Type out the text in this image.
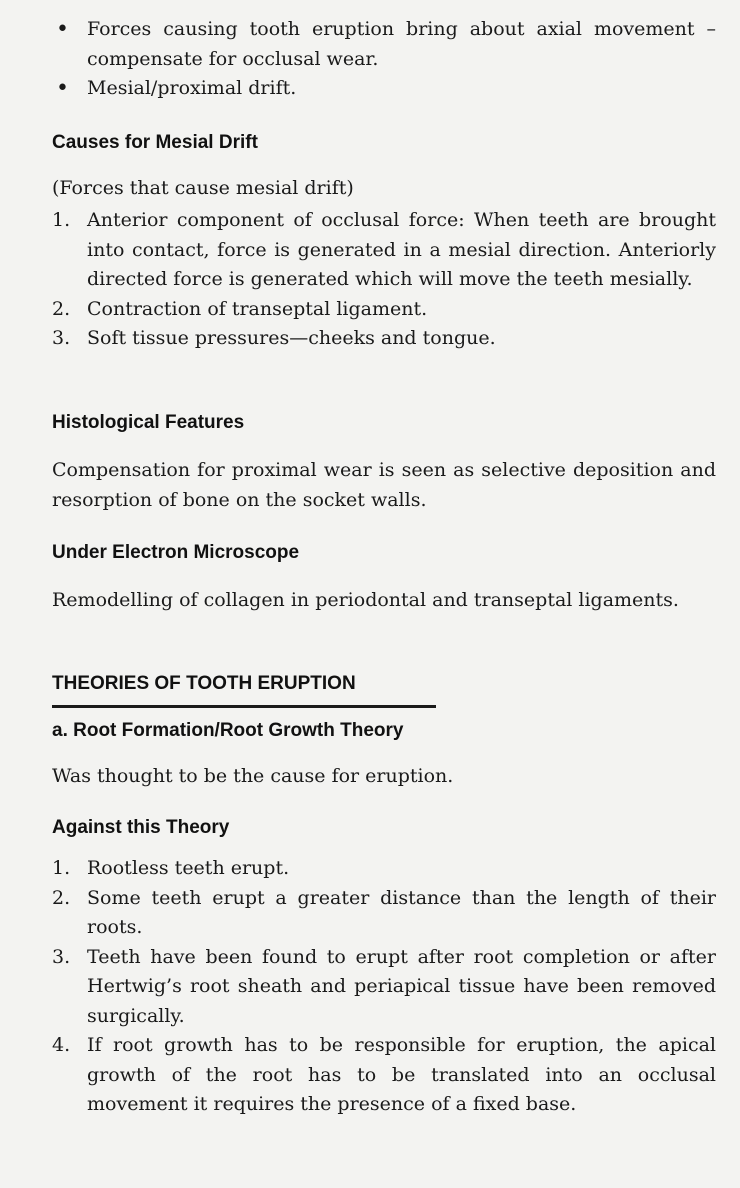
• Forces causing tooth eruption bring about axial movement – compensate for occlusal wear.
• Mesial/proximal drift.
Causes for Mesial Drift
(Forces that cause mesial drift)
1. Anterior component of occlusal force: When teeth are brought into contact, force is generated in a mesial direction. Anteriorly directed force is generated which will move the teeth mesially.
2. Contraction of transeptal ligament.
3. Soft tissue pressures—cheeks and tongue.
Histological Features
Compensation for proximal wear is seen as selective deposition and resorption of bone on the socket walls.
Under Electron Microscope
Remodelling of collagen in periodontal and transeptal ligaments.
THEORIES OF TOOTH ERUPTION
a. Root Formation/Root Growth Theory
Was thought to be the cause for eruption.
Against this Theory
1. Rootless teeth erupt.
2. Some teeth erupt a greater distance than the length of their roots.
3. Teeth have been found to erupt after root completion or after Hertwig’s root sheath and periapical tissue have been removed surgically.
4. If root growth has to be responsible for eruption, the apical growth of the root has to be translated into an occlusal movement it requires the presence of a fixed base.
